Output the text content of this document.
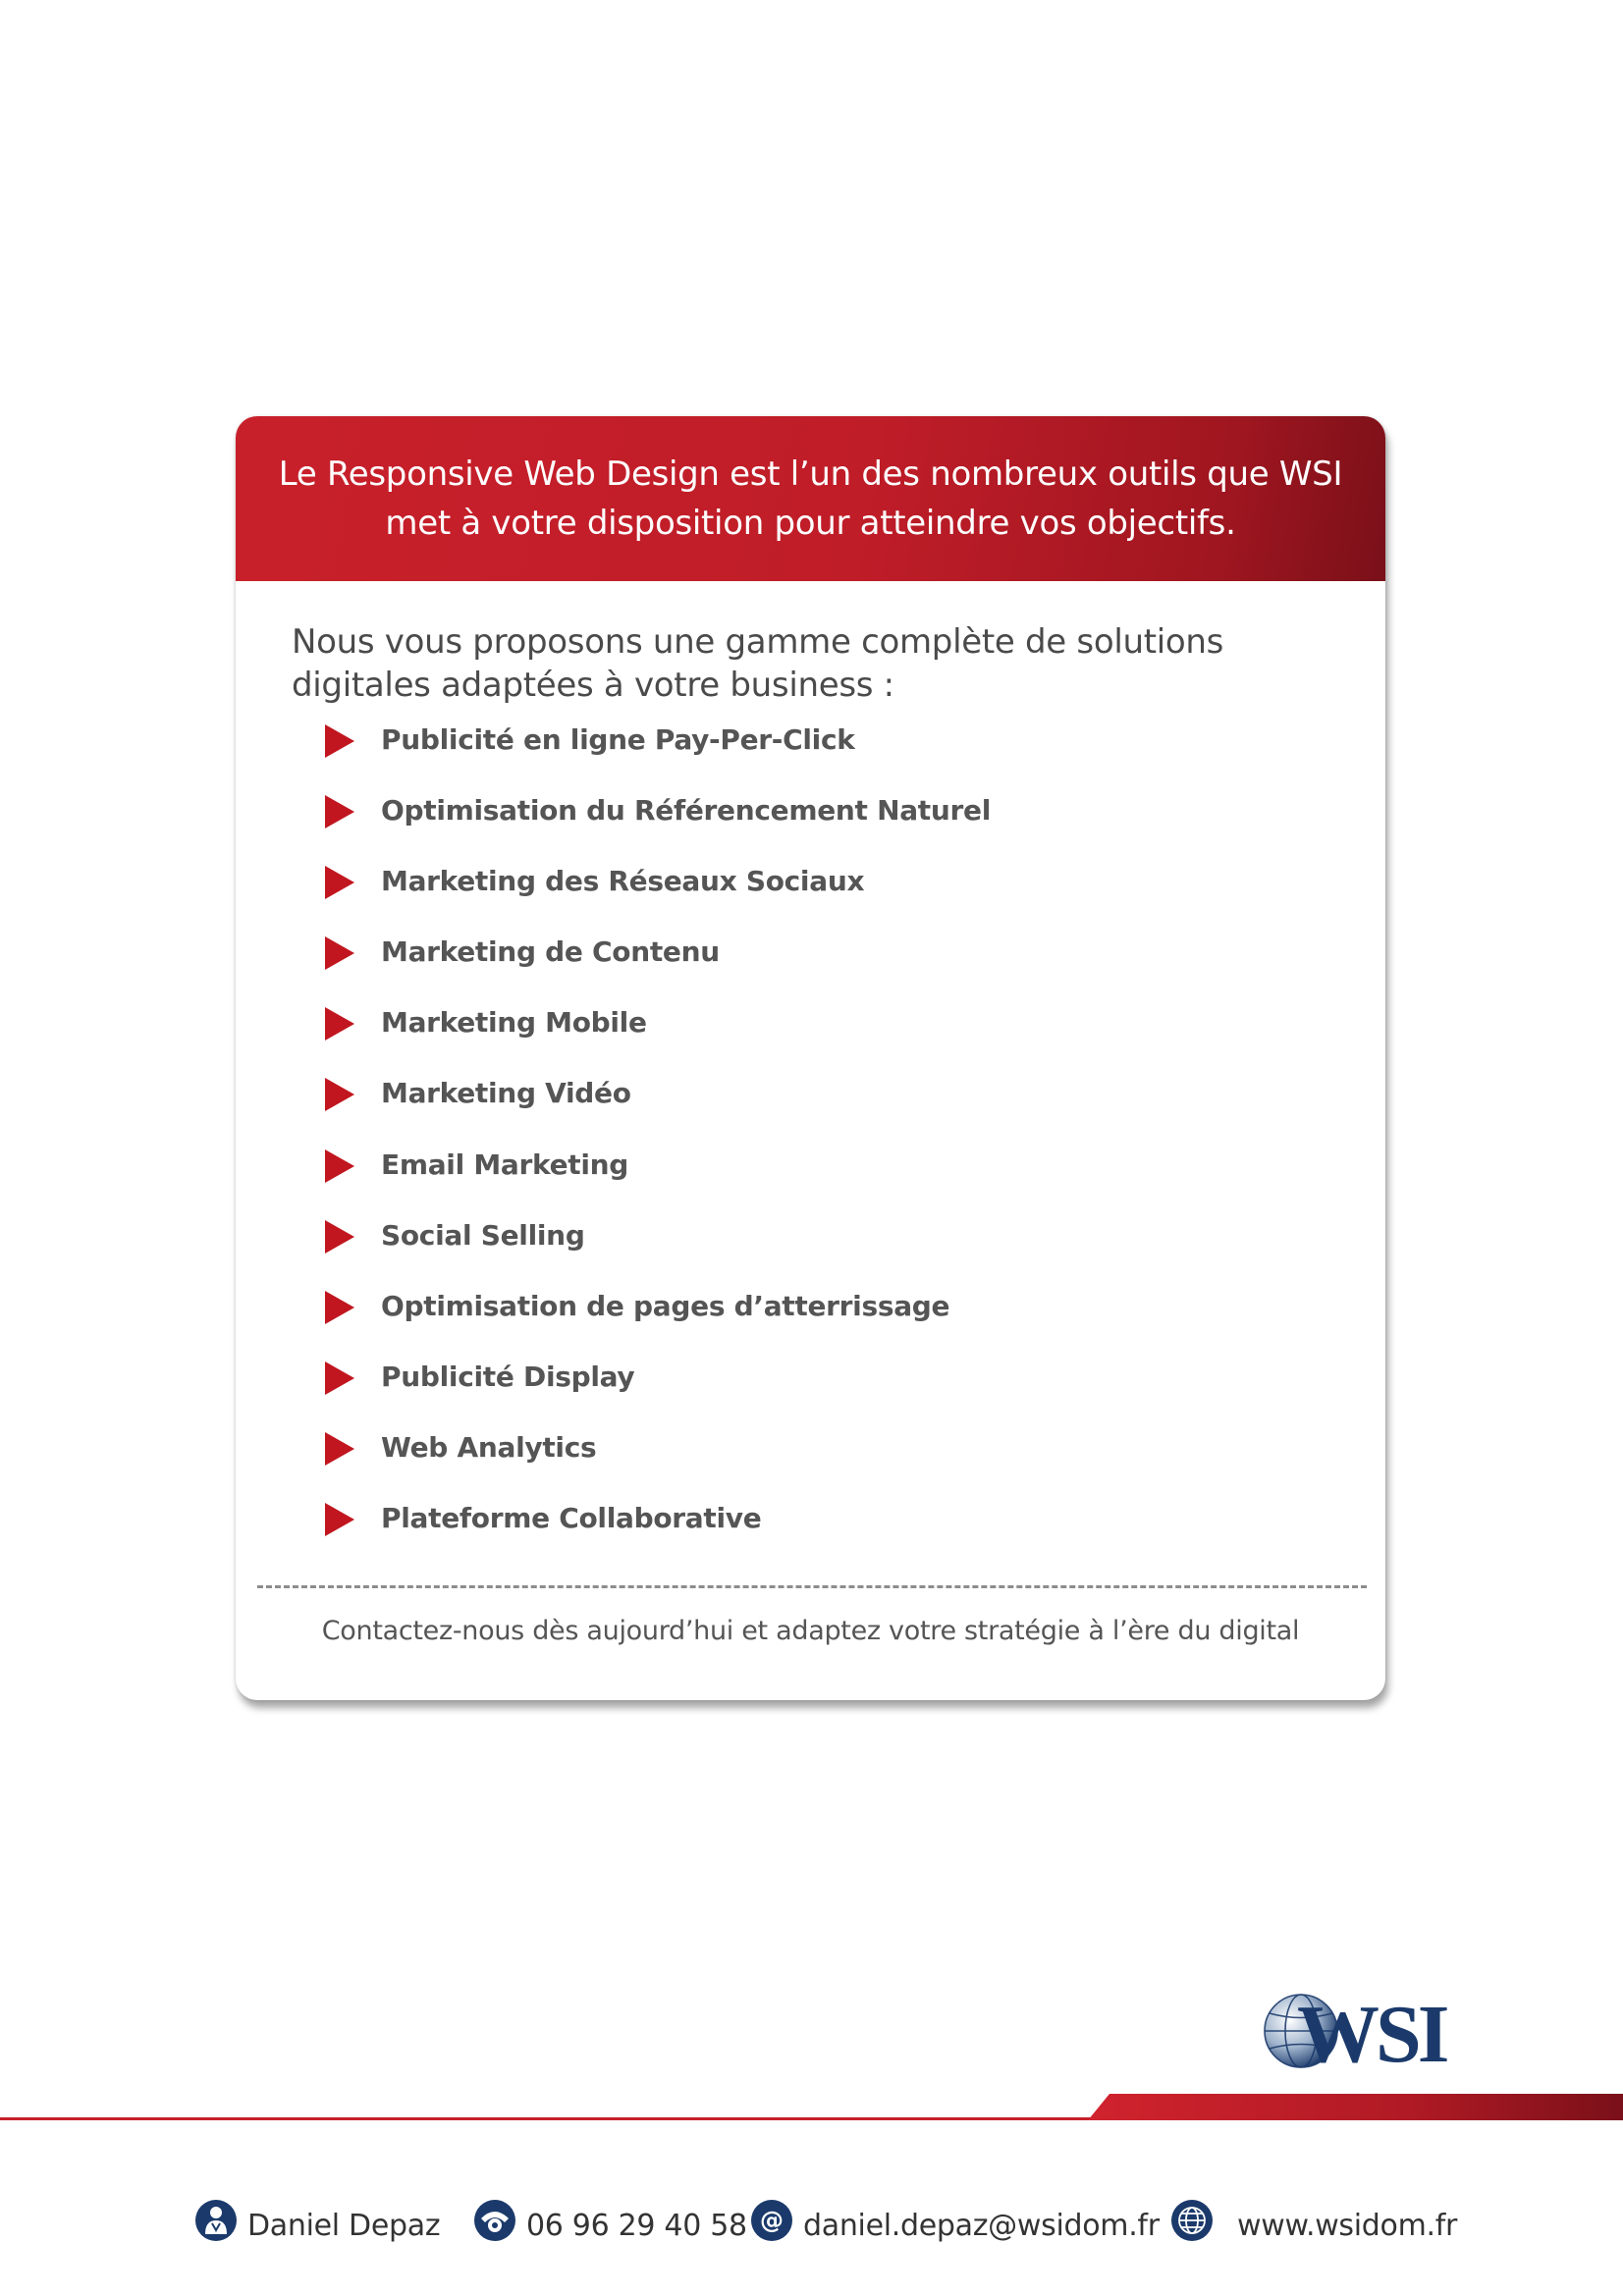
Le Responsive Web Design est l’un des nombreux outils que WSI met à votre disposition pour atteindre vos objectifs.

Nous vous proposons une gamme complète de solutions digitales adaptées à votre business :

Publicité en ligne Pay-Per-Click
Optimisation du Référencement Naturel
Marketing des Réseaux Sociaux
Marketing de Contenu
Marketing Mobile
Marketing Vidéo
Email Marketing
Social Selling
Optimisation de pages d’atterrissage
Publicité Display
Web Analytics
Plateforme Collaborative

Contactez-nous dès aujourd’hui et adaptez votre stratégie à l’ère du digital

WSI
Daniel Depaz	06 96 29 40 58 @ daniel.depaz@wsidom.fr	www.wsidom.fr
